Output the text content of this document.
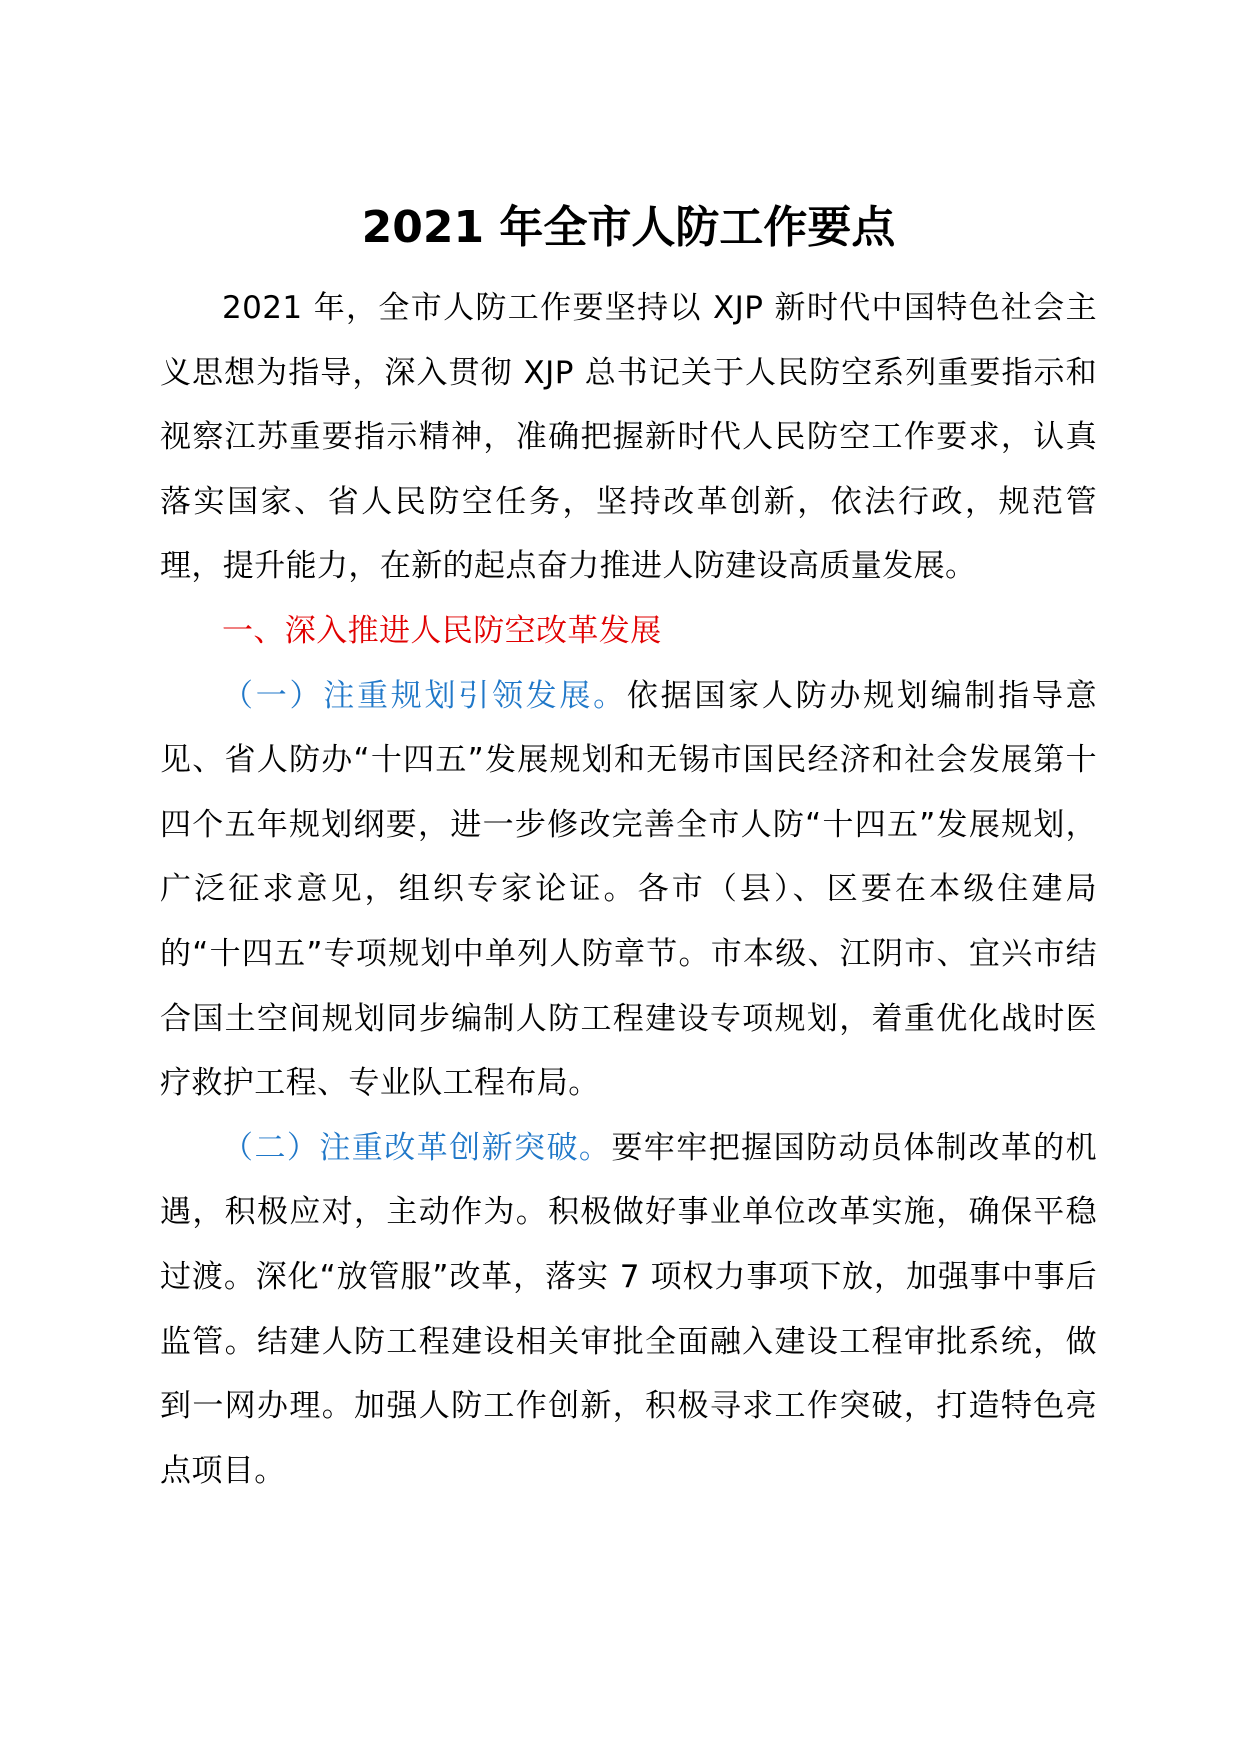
2021 年全市人防工作要点

2021 年，全市人防工作要坚持以 XJP 新时代中国特色社会主义思想为指导，深入贯彻 XJP 总书记关于人民防空系列重要指示和视察江苏重要指示精神，准确把握新时代人民防空工作要求，认真落实国家、省人民防空任务，坚持改革创新，依法行政，规范管理，提升能力，在新的起点奋力推进人防建设高质量发展。

一、深入推进人民防空改革发展

（一）注重规划引领发展。依据国家人防办规划编制指导意见、省人防办“十四五”发展规划和无锡市国民经济和社会发展第十四个五年规划纲要，进一步修改完善全市人防“十四五”发展规划，广泛征求意见，组织专家论证。各市（县）、区要在本级住建局的“十四五”专项规划中单列人防章节。市本级、江阴市、宜兴市结合国土空间规划同步编制人防工程建设专项规划，着重优化战时医疗救护工程、专业队工程布局。

（二）注重改革创新突破。要牢牢把握国防动员体制改革的机遇，积极应对，主动作为。积极做好事业单位改革实施，确保平稳过渡。深化“放管服”改革，落实 7 项权力事项下放，加强事中事后监管。结建人防工程建设相关审批全面融入建设工程审批系统，做到一网办理。加强人防工作创新，积极寻求工作突破，打造特色亮点项目。
